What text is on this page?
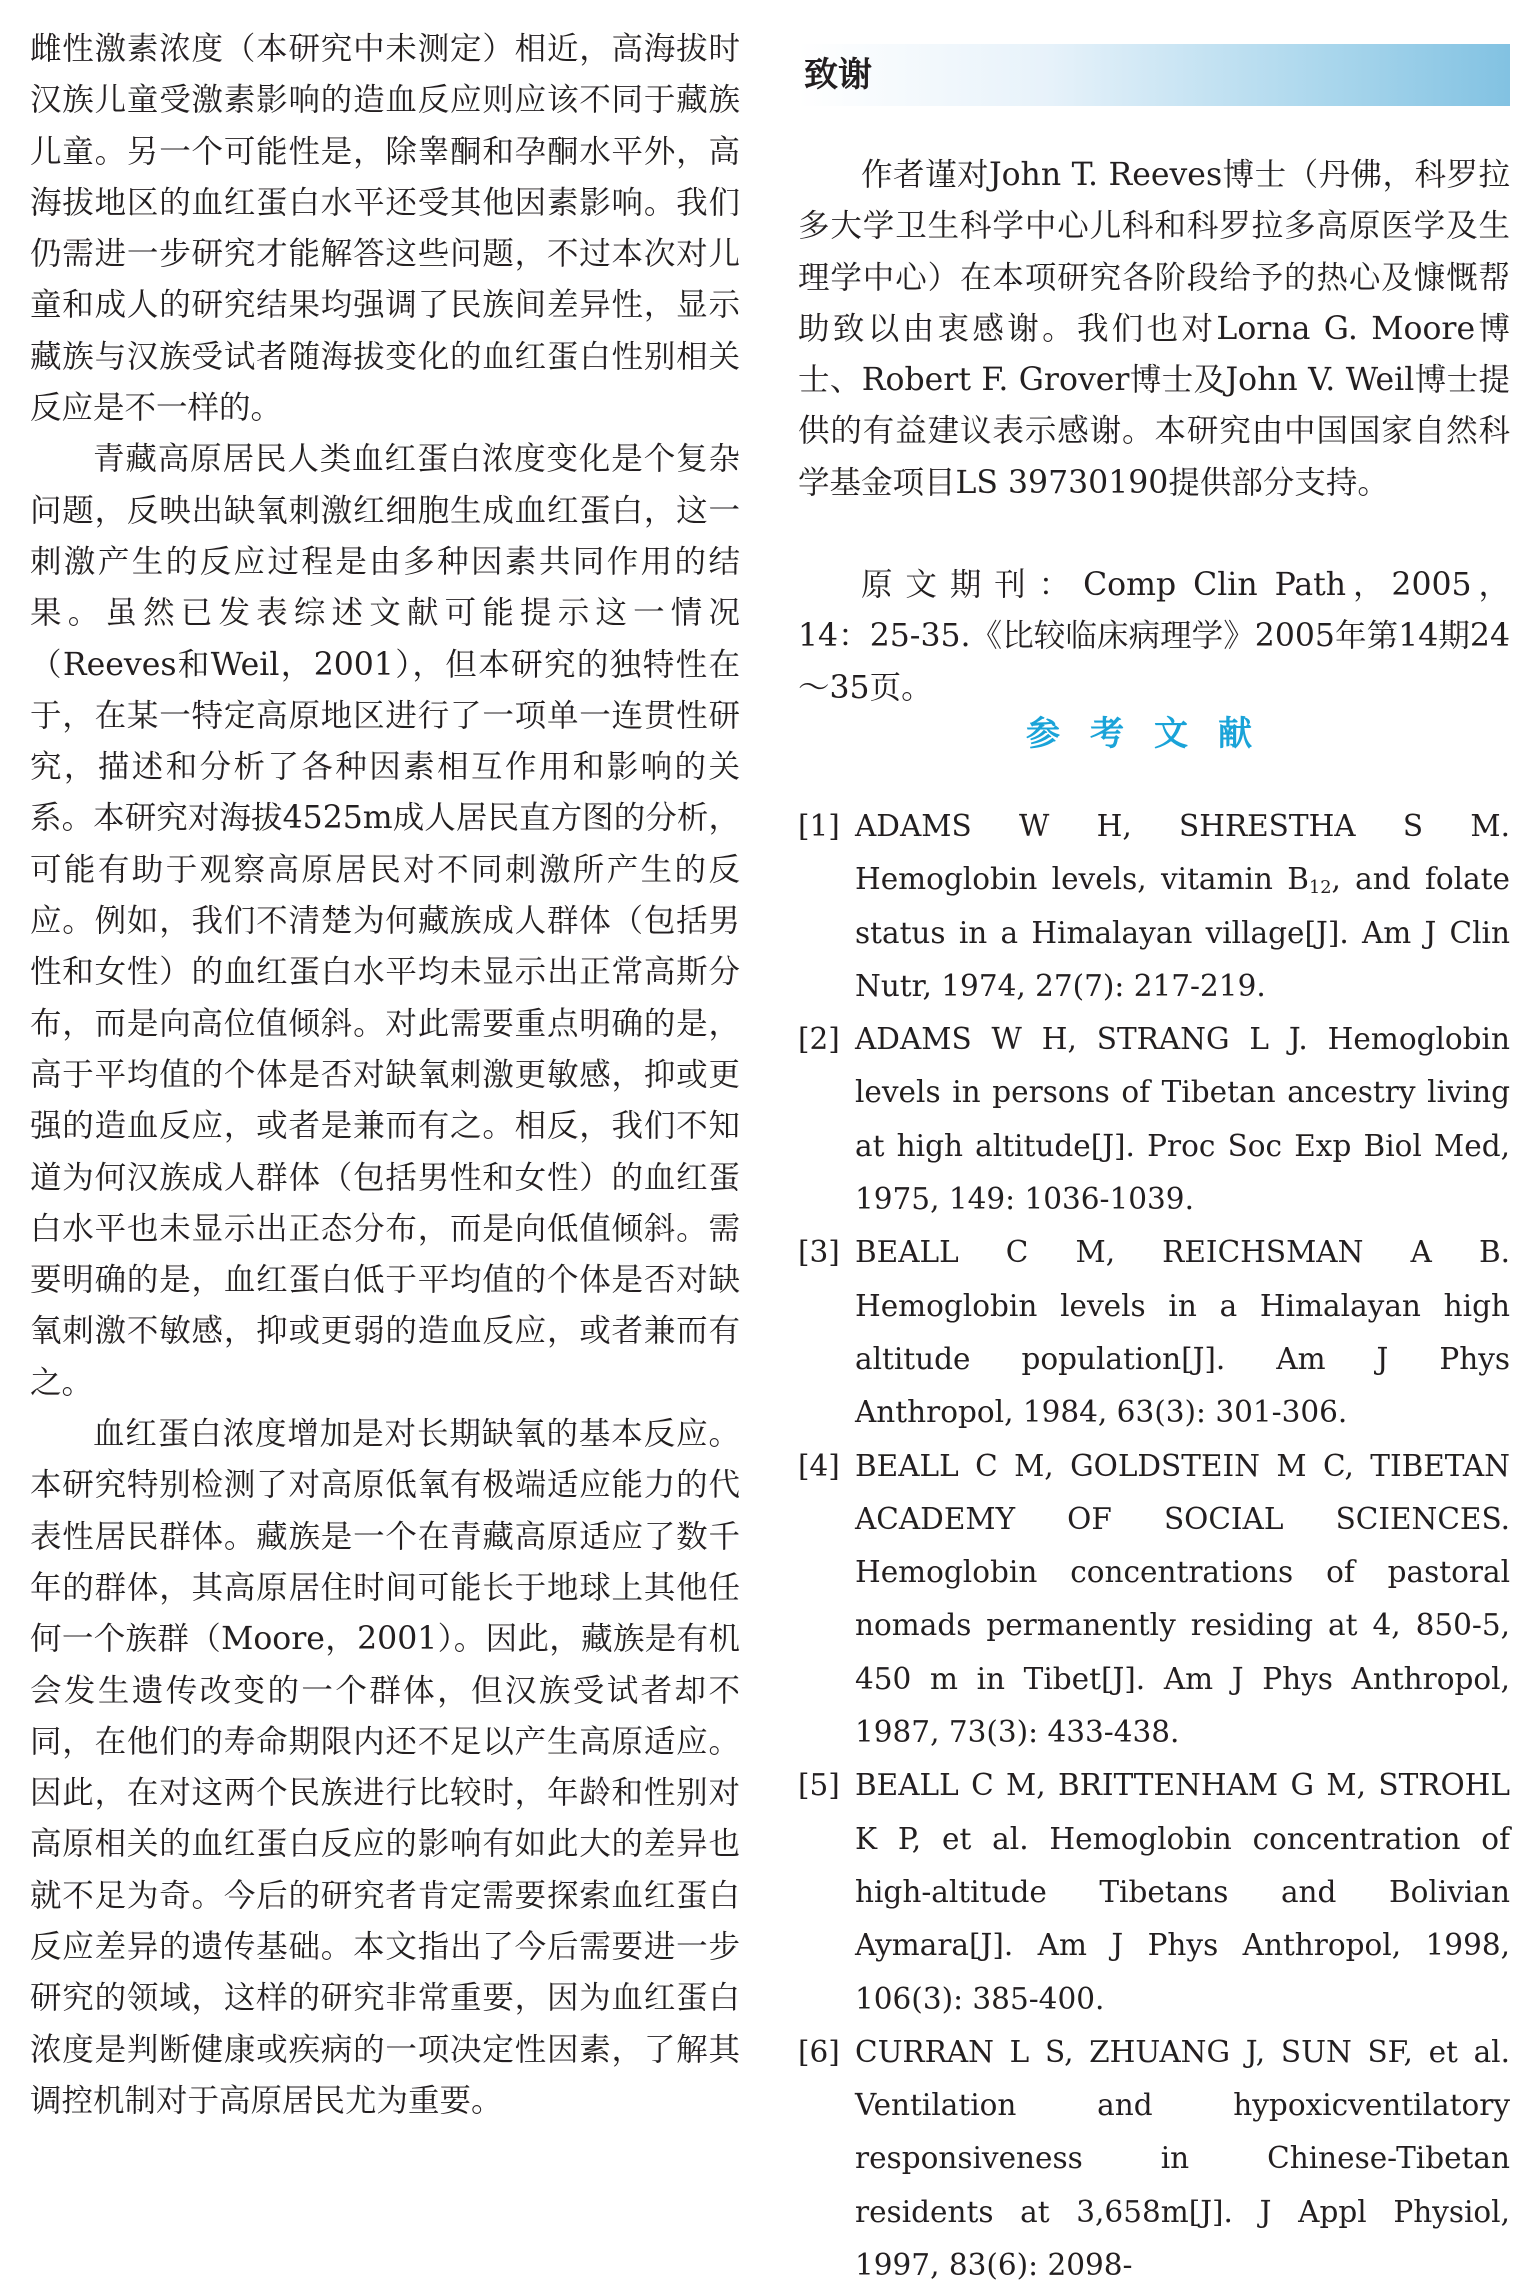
雌性激素浓度（本研究中未测定）相近，高海拔时汉族儿童受激素影响的造血反应则应该不同于藏族儿童。另一个可能性是，除睾酮和孕酮水平外，高海拔地区的血红蛋白水平还受其他因素影响。我们仍需进一步研究才能解答这些问题，不过本次对儿童和成人的研究结果均强调了民族间差异性，显示藏族与汉族受试者随海拔变化的血红蛋白性别相关反应是不一样的。

青藏高原居民人类血红蛋白浓度变化是个复杂问题，反映出缺氧刺激红细胞生成血红蛋白，这一刺激产生的反应过程是由多种因素共同作用的结果。虽然已发表综述文献可能提示这一情况（Reeves和Weil，2001），但本研究的独特性在于，在某一特定高原地区进行了一项单一连贯性研究，描述和分析了各种因素相互作用和影响的关系。本研究对海拔4525m成人居民直方图的分析，可能有助于观察高原居民对不同刺激所产生的反应。例如，我们不清楚为何藏族成人群体（包括男性和女性）的血红蛋白水平均未显示出正常高斯分布，而是向高位值倾斜。对此需要重点明确的是，高于平均值的个体是否对缺氧刺激更敏感，抑或更强的造血反应，或者是兼而有之。相反，我们不知道为何汉族成人群体（包括男性和女性）的血红蛋白水平也未显示出正态分布，而是向低值倾斜。需要明确的是，血红蛋白低于平均值的个体是否对缺氧刺激不敏感，抑或更弱的造血反应，或者兼而有之。

血红蛋白浓度增加是对长期缺氧的基本反应。本研究特别检测了对高原低氧有极端适应能力的代表性居民群体。藏族是一个在青藏高原适应了数千年的群体，其高原居住时间可能长于地球上其他任何一个族群（Moore，2001）。因此，藏族是有机会发生遗传改变的一个群体，但汉族受试者却不同，在他们的寿命期限内还不足以产生高原适应。因此，在对这两个民族进行比较时，年龄和性别对高原相关的血红蛋白反应的影响有如此大的差异也就不足为奇。今后的研究者肯定需要探索血红蛋白反应差异的遗传基础。本文指出了今后需要进一步研究的领域，这样的研究非常重要，因为血红蛋白浓度是判断健康或疾病的一项决定性因素，了解其调控机制对于高原居民尤为重要。

致谢

作者谨对John T. Reeves博士（丹佛，科罗拉多大学卫生科学中心儿科和科罗拉多高原医学及生理学中心）在本项研究各阶段给予的热心及慷慨帮助致以由衷感谢。我们也对Lorna G. Moore博士、Robert F. Grover博士及John V. Weil博士提供的有益建议表示感谢。本研究由中国国家自然科学基金项目LS 39730190提供部分支持。

原文期刊：Comp Clin Path，2005，14：25-35.《比较临床病理学》2005年第14期24～35页。

参考文献
[1] ADAMS W H, SHRESTHA S M. Hemoglobin levels, vitamin $B_{12}$, and folate status in a Himalayan village[J]. Am J Clin Nutr, 1974, 27(7): 217-219.
[2] ADAMS W H, STRANG L J. Hemoglobin levels in persons of Tibetan ancestry living at high altitude[J]. Proc Soc Exp Biol Med, 1975, 149: 1036-1039.
[3] BEALL C M, REICHSMAN A B. Hemoglobin levels in a Himalayan high altitude population[J]. Am J Phys Anthropol, 1984, 63(3): 301-306.
[4] BEALL C M, GOLDSTEIN M C, TIBETAN ACADEMY OF SOCIAL SCIENCES. Hemoglobin concentrations of pastoral nomads permanently residing at 4, 850-5, 450 m in Tibet[J]. Am J Phys Anthropol, 1987, 73(3): 433-438.
[5] BEALL C M, BRITTENHAM G M, STROHL K P, et al. Hemoglobin concentration of high-altitude Tibetans and Bolivian Aymara[J]. Am J Phys Anthropol, 1998, 106(3): 385-400.
[6] CURRAN L S, ZHUANG J, SUN SF, et al. Ventilation and hypoxicventilatory responsiveness in Chinese-Tibetan residents at 3,658m[J]. J Appl Physiol, 1997, 83(6): 2098-
